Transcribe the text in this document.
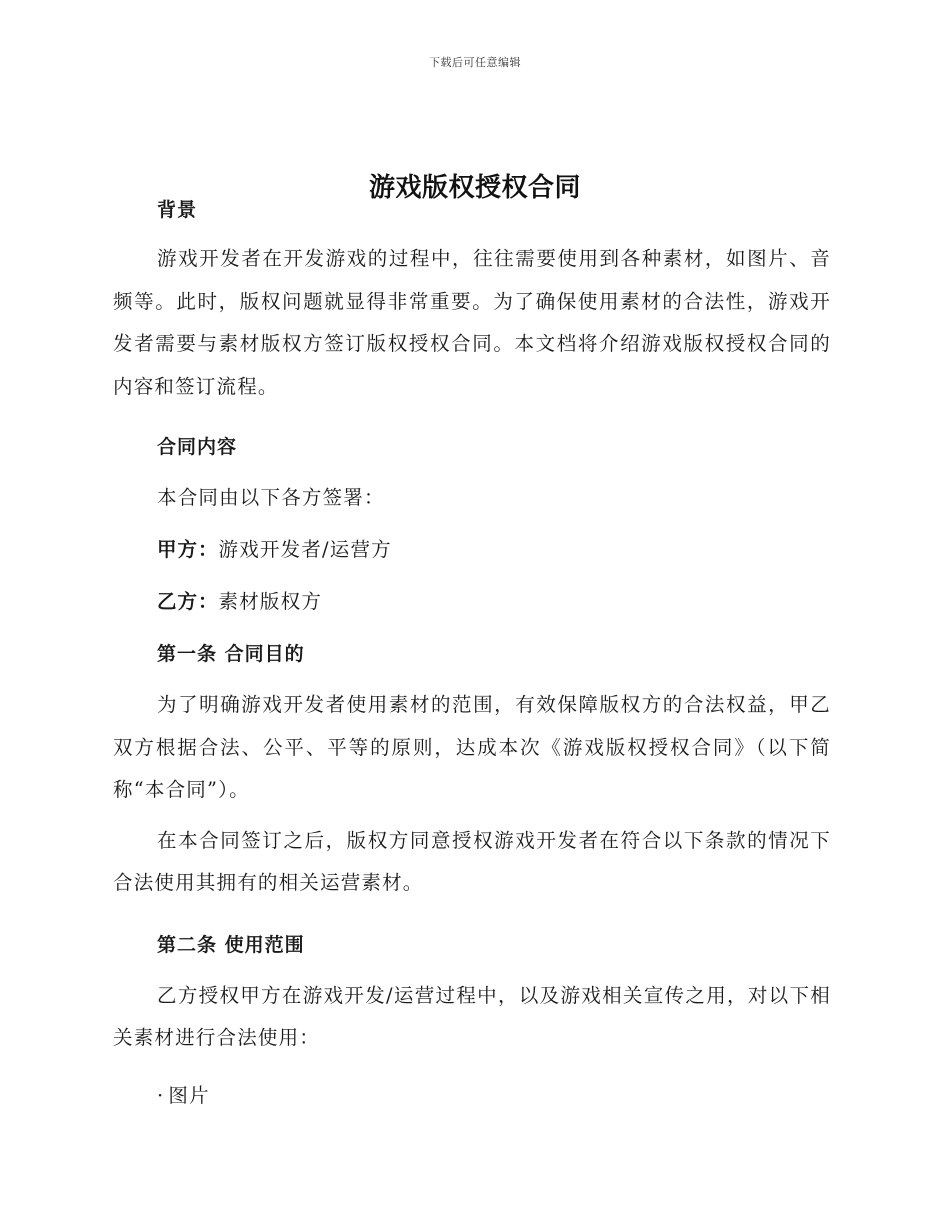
下载后可任意编辑
游戏版权授权合同

背景

游戏开发者在开发游戏的过程中，往往需要使用到各种素材，如图片、音频等。此时，版权问题就显得非常重要。为了确保使用素材的合法性，游戏开发者需要与素材版权方签订版权授权合同。本文档将介绍游戏版权授权合同的内容和签订流程。

合同内容

本合同由以下各方签署：

甲方：游戏开发者/运营方

乙方：素材版权方

第一条 合同目的

为了明确游戏开发者使用素材的范围，有效保障版权方的合法权益，甲乙双方根据合法、公平、平等的原则，达成本次《游戏版权授权合同》（以下简称“本合同”）。

在本合同签订之后，版权方同意授权游戏开发者在符合以下条款的情况下合法使用其拥有的相关运营素材。

第二条 使用范围

乙方授权甲方在游戏开发/运营过程中，以及游戏相关宣传之用，对以下相关素材进行合法使用：

· 图片
